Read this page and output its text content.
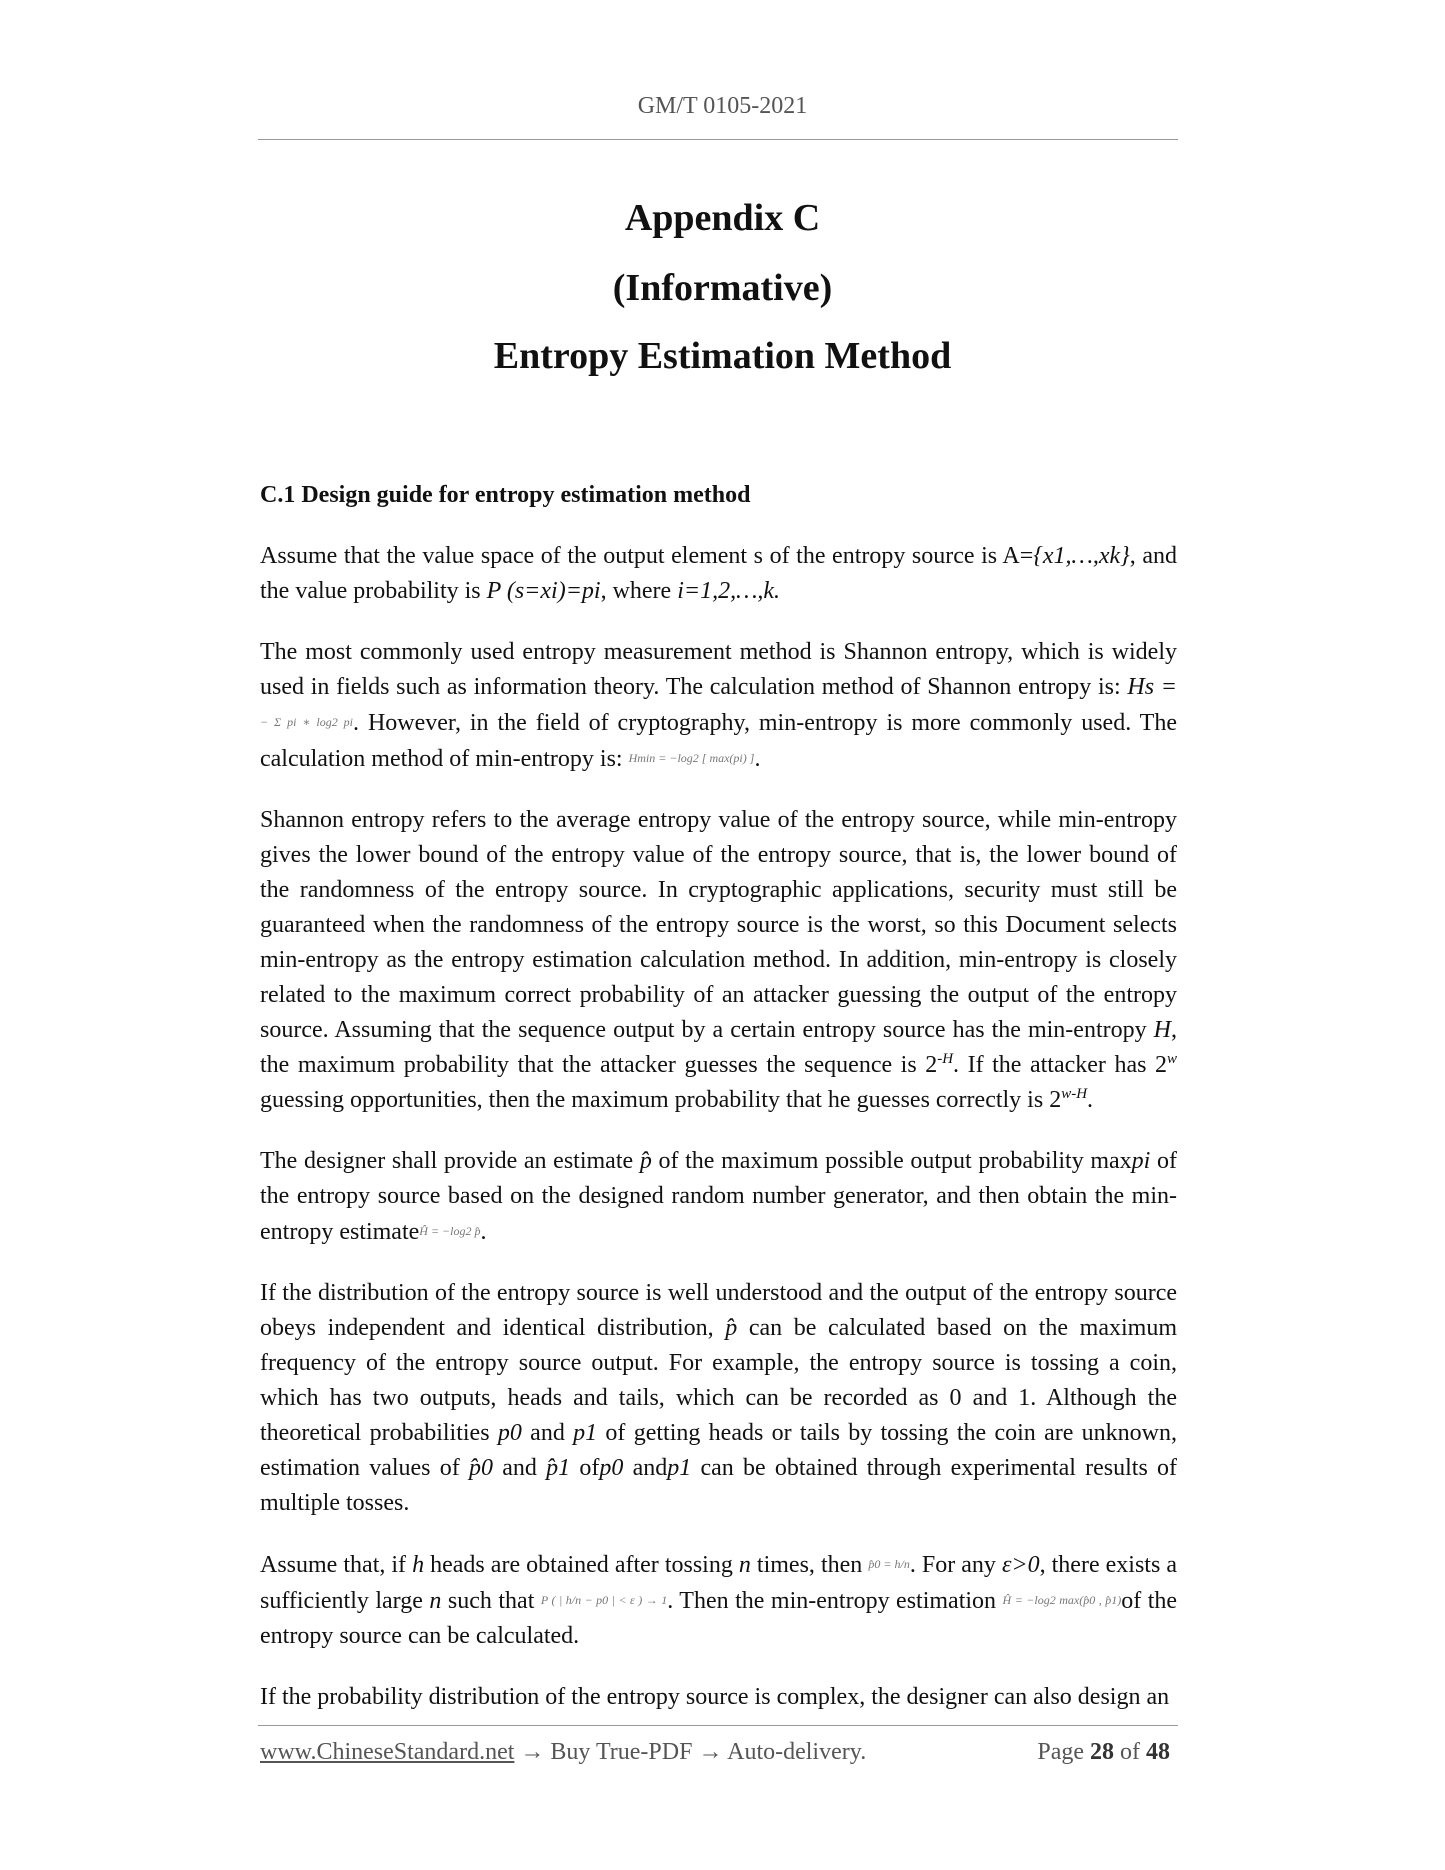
GM/T 0105-2021
Appendix C
(Informative)
Entropy Estimation Method
C.1 Design guide for entropy estimation method

Assume that the value space of the output element s of the entropy source is A={x1,…,xk}, and the value probability is P (s=xi)=pi, where i=1,2,…,k.

The most commonly used entropy measurement method is Shannon entropy, which is widely used in fields such as information theory. The calculation method of Shannon entropy is: Hs = − Σ pi ∗ log2 pi. However, in the field of cryptography, min-entropy is more commonly used. The calculation method of min-entropy is: Hmin = −log2 [ max(pi) ].

Shannon entropy refers to the average entropy value of the entropy source, while min-entropy gives the lower bound of the entropy value of the entropy source, that is, the lower bound of the randomness of the entropy source. In cryptographic applications, security must still be guaranteed when the randomness of the entropy source is the worst, so this Document selects min-entropy as the entropy estimation calculation method. In addition, min-entropy is closely related to the maximum correct probability of an attacker guessing the output of the entropy source. Assuming that the sequence output by a certain entropy source has the min-entropy H, the maximum probability that the attacker guesses the sequence is $2^{-H}$. If the attacker has 2$^w$ guessing opportunities, then the maximum probability that he guesses correctly is $2^{w-H}$.

The designer shall provide an estimate p̂ of the maximum possible output probability maxpi of the entropy source based on the designed random number generator, and then obtain the min-entropy estimateĤ = −log2 p̂.

If the distribution of the entropy source is well understood and the output of the entropy source obeys independent and identical distribution, p̂ can be calculated based on the maximum frequency of the entropy source output. For example, the entropy source is tossing a coin, which has two outputs, heads and tails, which can be recorded as 0 and 1. Although the theoretical probabilities p0 and p1 of getting heads or tails by tossing the coin are unknown, estimation values of p̂0 and p̂1 ofp0 andp1 can be obtained through experimental results of multiple tosses.

Assume that, if h heads are obtained after tossing n times, then p̂0 = h/n. For any ε>0, there exists a sufficiently large n such that P ( | h/n − p0 | < ε ) → 1. Then the min-entropy estimation Ĥ = −log2 max(p̂0 , p̂1)of the entropy source can be calculated.

If the probability distribution of the entropy source is complex, the designer can also design an

www.ChineseStandard.net → Buy True-PDF → Auto-delivery.	Page 28 of 48
